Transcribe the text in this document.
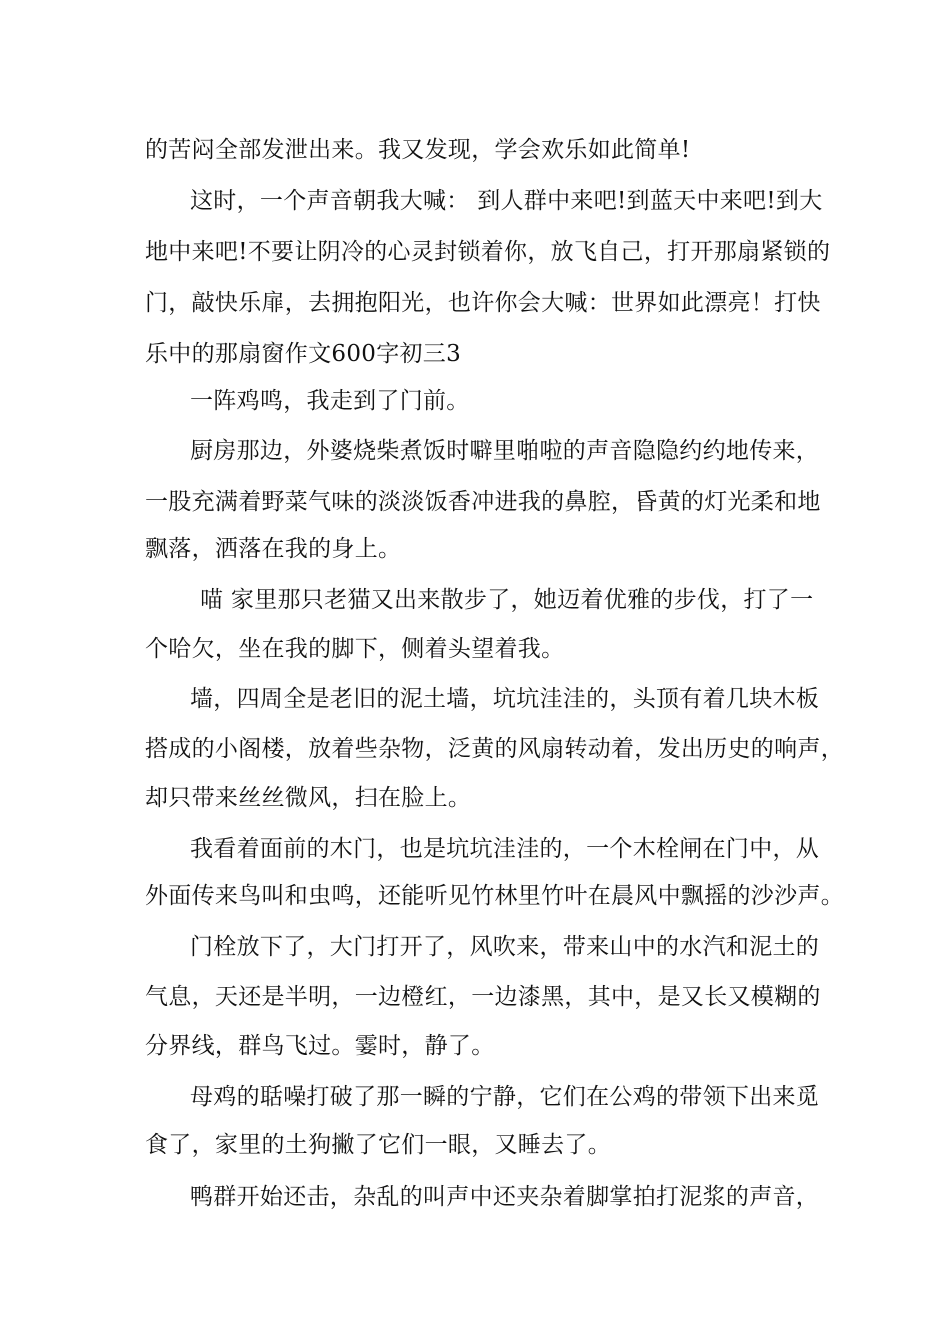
的苦闷全部发泄出来。我又发现，学会欢乐如此简单!
这时，一个声音朝我大喊： 到人群中来吧!到蓝天中来吧!到大
地中来吧!不要让阴冷的心灵封锁着你，放飞自己，打开那扇紧锁的
门，敲快乐扉，去拥抱阳光，也许你会大喊：世界如此漂亮！打快
乐中的那扇窗作文600字初三3
一阵鸡鸣，我走到了门前。
厨房那边，外婆烧柴煮饭时噼里啪啦的声音隐隐约约地传来，
一股充满着野菜气味的淡淡饭香冲进我的鼻腔，昏黄的灯光柔和地
飘落，洒落在我的身上。
喵 家里那只老猫又出来散步了，她迈着优雅的步伐，打了一
个哈欠，坐在我的脚下，侧着头望着我。
墙，四周全是老旧的泥土墙，坑坑洼洼的，头顶有着几块木板
搭成的小阁楼，放着些杂物，泛黄的风扇转动着，发出历史的响声，
却只带来丝丝微风，扫在脸上。
我看着面前的木门，也是坑坑洼洼的，一个木栓闸在门中，从
外面传来鸟叫和虫鸣，还能听见竹林里竹叶在晨风中飘摇的沙沙声。
门栓放下了，大门打开了，风吹来，带来山中的水汽和泥土的
气息，天还是半明，一边橙红，一边漆黑，其中，是又长又模糊的
分界线，群鸟飞过。霎时，静了。
母鸡的聒噪打破了那一瞬的宁静，它们在公鸡的带领下出来觅
食了，家里的土狗撇了它们一眼，又睡去了。
鸭群开始还击，杂乱的叫声中还夹杂着脚掌拍打泥浆的声音，
